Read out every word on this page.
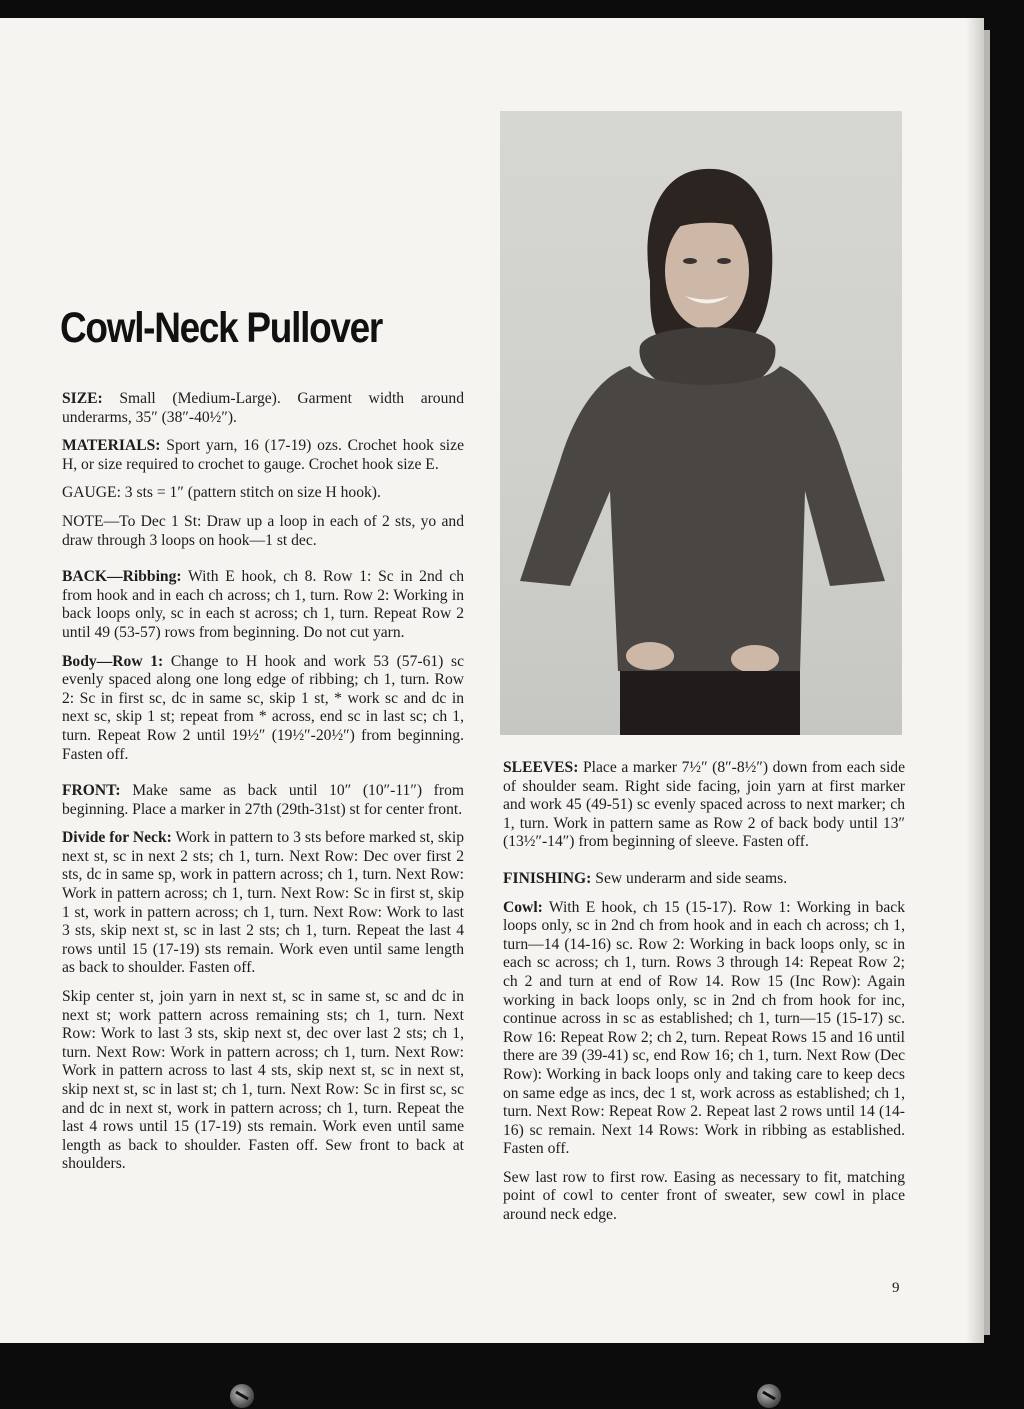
Cowl-Neck Pullover

SIZE: Small (Medium-Large). Garment width around underarms, 35″ (38″-40½″).

MATERIALS: Sport yarn, 16 (17-19) ozs. Crochet hook size H, or size required to crochet to gauge. Crochet hook size E.

GAUGE: 3 sts = 1″ (pattern stitch on size H hook).

NOTE—To Dec 1 St: Draw up a loop in each of 2 sts, yo and draw through 3 loops on hook—1 st dec.

BACK—Ribbing: With E hook, ch 8. Row 1: Sc in 2nd ch from hook and in each ch across; ch 1, turn. Row 2: Working in back loops only, sc in each st across; ch 1, turn. Repeat Row 2 until 49 (53-57) rows from beginning. Do not cut yarn.

Body—Row 1: Change to H hook and work 53 (57-61) sc evenly spaced along one long edge of ribbing; ch 1, turn. Row 2: Sc in first sc, dc in same sc, skip 1 st, * work sc and dc in next sc, skip 1 st; repeat from * across, end sc in last sc; ch 1, turn. Repeat Row 2 until 19½″ (19½″-20½″) from beginning. Fasten off.

FRONT: Make same as back until 10″ (10″-11″) from beginning. Place a marker in 27th (29th-31st) st for center front.

Divide for Neck: Work in pattern to 3 sts before marked st, skip next st, sc in next 2 sts; ch 1, turn. Next Row: Dec over first 2 sts, dc in same sp, work in pattern across; ch 1, turn. Next Row: Work in pattern across; ch 1, turn. Next Row: Sc in first st, skip 1 st, work in pattern across; ch 1, turn. Next Row: Work to last 3 sts, skip next st, sc in last 2 sts; ch 1, turn. Repeat the last 4 rows until 15 (17-19) sts remain. Work even until same length as back to shoulder. Fasten off.

Skip center st, join yarn in next st, sc in same st, sc and dc in next st; work pattern across remaining sts; ch 1, turn. Next Row: Work to last 3 sts, skip next st, dec over last 2 sts; ch 1, turn. Next Row: Work in pattern across; ch 1, turn. Next Row: Work in pattern across to last 4 sts, skip next st, sc in next st, skip next st, sc in last st; ch 1, turn. Next Row: Sc in first sc, sc and dc in next st, work in pattern across; ch 1, turn. Repeat the last 4 rows until 15 (17-19) sts remain. Work even until same length as back to shoulder. Fasten off. Sew front to back at shoulders.

SLEEVES: Place a marker 7½″ (8″-8½″) down from each side of shoulder seam. Right side facing, join yarn at first marker and work 45 (49-51) sc evenly spaced across to next marker; ch 1, turn. Work in pattern same as Row 2 of back body until 13″ (13½″-14″) from beginning of sleeve. Fasten off.

FINISHING: Sew underarm and side seams.

Cowl: With E hook, ch 15 (15-17). Row 1: Working in back loops only, sc in 2nd ch from hook and in each ch across; ch 1, turn—14 (14-16) sc. Row 2: Working in back loops only, sc in each sc across; ch 1, turn. Rows 3 through 14: Repeat Row 2; ch 2 and turn at end of Row 14. Row 15 (Inc Row): Again working in back loops only, sc in 2nd ch from hook for inc, continue across in sc as established; ch 1, turn—15 (15-17) sc. Row 16: Repeat Row 2; ch 2, turn. Repeat Rows 15 and 16 until there are 39 (39-41) sc, end Row 16; ch 1, turn. Next Row (Dec Row): Working in back loops only and taking care to keep decs on same edge as incs, dec 1 st, work across as established; ch 1, turn. Next Row: Repeat Row 2. Repeat last 2 rows until 14 (14-16) sc remain. Next 14 Rows: Work in ribbing as established. Fasten off.

Sew last row to first row. Easing as necessary to fit, matching point of cowl to center front of sweater, sew cowl in place around neck edge.

9
